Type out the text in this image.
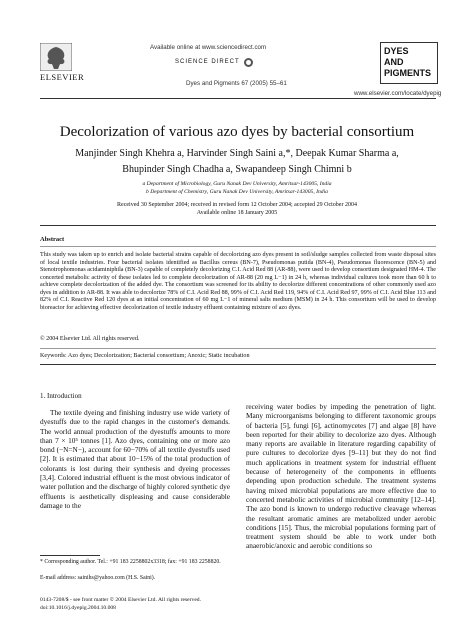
Available online at www.sciencedirect.com
SCIENCE DIRECT
ELSEVIER
Dyes and Pigments 67 (2005) 55–61
DYES
AND
PIGMENTS
www.elsevier.com/locate/dyepig
Decolorization of various azo dyes by bacterial consortium
Manjinder Singh Khehra a, Harvinder Singh Saini a,*, Deepak Kumar Sharma a,
Bhupinder Singh Chadha a, Swapandeep Singh Chimni b
a Department of Microbiology, Guru Nanak Dev University, Amritsar-143005, India
b Department of Chemistry, Guru Nanak Dev University, Amritsar-143005, India
Received 30 September 2004; received in revised form 12 October 2004; accepted 29 October 2004
Available online 18 January 2005
Abstract
This study was taken up to enrich and isolate bacterial strains capable of decolorizing azo dyes present in soil/sludge samples collected from waste disposal sites of local textile industries. Four bacterial isolates identified as Bacillus cereus (BN-7), Pseudomonas putida (BN-4), Pseudomonas fluorescence (BN-5) and Stenotrophomonas acidaminiphila (BN-3) capable of completely decolorizing C.I. Acid Red 88 (AR-88), were used to develop consortium designated HM-4. The concerted metabolic activity of these isolates led to complete decolorization of AR-88 (20 mg L−1) in 24 h, whereas individual cultures took more than 60 h to achieve complete decolorization of the added dye. The consortium was screened for its ability to decolorize different concentrations of other commonly used azo dyes in addition to AR-88. It was able to decolorize 78% of C.I. Acid Red 88, 99% of C.I. Acid Red 119, 94% of C.I. Acid Red 97, 99% of C.I. Acid Blue 113 and 82% of C.I. Reactive Red 120 dyes at an initial concentration of 60 mg L−1 of mineral salts medium (MSM) in 24 h. This consortium will be used to develop bioreactor for achieving effective decolorization of textile industry effluent containing mixture of azo dyes.
© 2004 Elsevier Ltd. All rights reserved.
Keywords: Azo dyes; Decolorization; Bacterial consortium; Anoxic; Static incubation
1. Introduction

The textile dyeing and finishing industry use wide variety of dyestuffs due to the rapid changes in the customer's demands. The world annual production of the dyestuffs amounts to more than 7 × 10⁵ tonnes [1]. Azo dyes, containing one or more azo bond (−N=N−), account for 60−70% of all textile dyestuffs used [2]. It is estimated that about 10−15% of the total production of colorants is lost during their synthesis and dyeing processes [3,4]. Colored industrial effluent is the most obvious indicator of water pollution and the discharge of highly colored synthetic dye effluents is aesthetically displeasing and cause considerable damage to the

receiving water bodies by impeding the penetration of light. Many microorganisms belonging to different taxonomic groups of bacteria [5], fungi [6], actinomycetes [7] and algae [8] have been reported for their ability to decolorize azo dyes. Although many reports are available in literature regarding capability of pure cultures to decolorize dyes [9–11] but they do not find much applications in treatment system for industrial effluent because of heterogeneity of the components in effluents depending upon production schedule. The treatment systems having mixed microbial populations are more effective due to concerted metabolic activities of microbial community [12–14]. The azo bond is known to undergo reductive cleavage whereas the resultant aromatic amines are metabolized under aerobic conditions [15]. Thus, the microbial populations forming part of treatment system should be able to work under both anaerobic/anoxic and aerobic conditions so

* Corresponding author. Tel.: +91 183 2258802x3318; fax: +91 183 2258820.
E-mail address: sainihs@yahoo.com (H.S. Saini).
0143-7208/$ - see front matter © 2004 Elsevier Ltd. All rights reserved.
doi:10.1016/j.dyepig.2004.10.008
